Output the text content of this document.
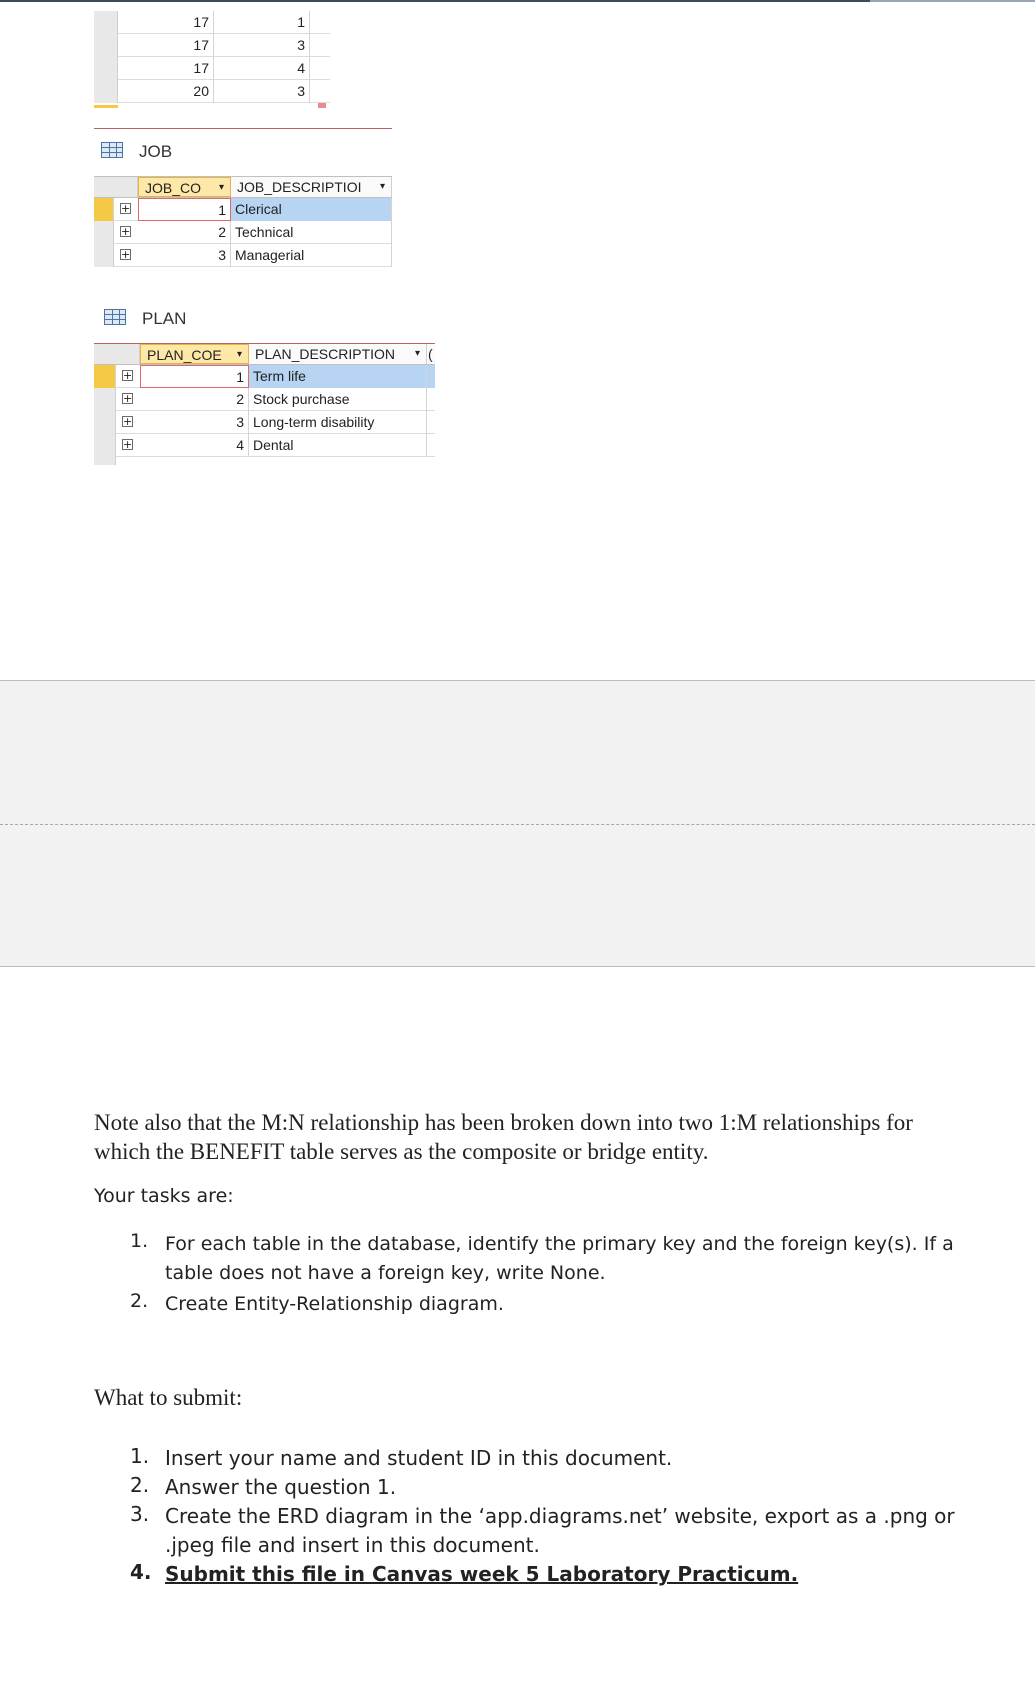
17	1
17	3
17	4
20	3
JOB
JOB_CO ▾ JOB_DESCRIPTIOI ▾
+	1 Clerical
+	2 Technical
+	3 Managerial
PLAN
PLAN_COE ▾ PLAN_DESCRIPTION ▾ (
+	1 Term life
+	2 Stock purchase
+	3 Long-term disability
+	4 Dental
Note also that the M:N relationship has been broken down into two 1:M relationships for which the BENEFIT table serves as the composite or bridge entity.
Your tasks are:
1. For each table in the database, identify the primary key and the foreign key(s). If a table does not have a foreign key, write None.
2. Create Entity-Relationship diagram.
What to submit:
1. Insert your name and student ID in this document.
2. Answer the question 1.
3. Create the ERD diagram in the ‘app.diagrams.net’ website, export as a .png or .jpeg file and insert in this document.
4. Submit this file in Canvas week 5 Laboratory Practicum.
